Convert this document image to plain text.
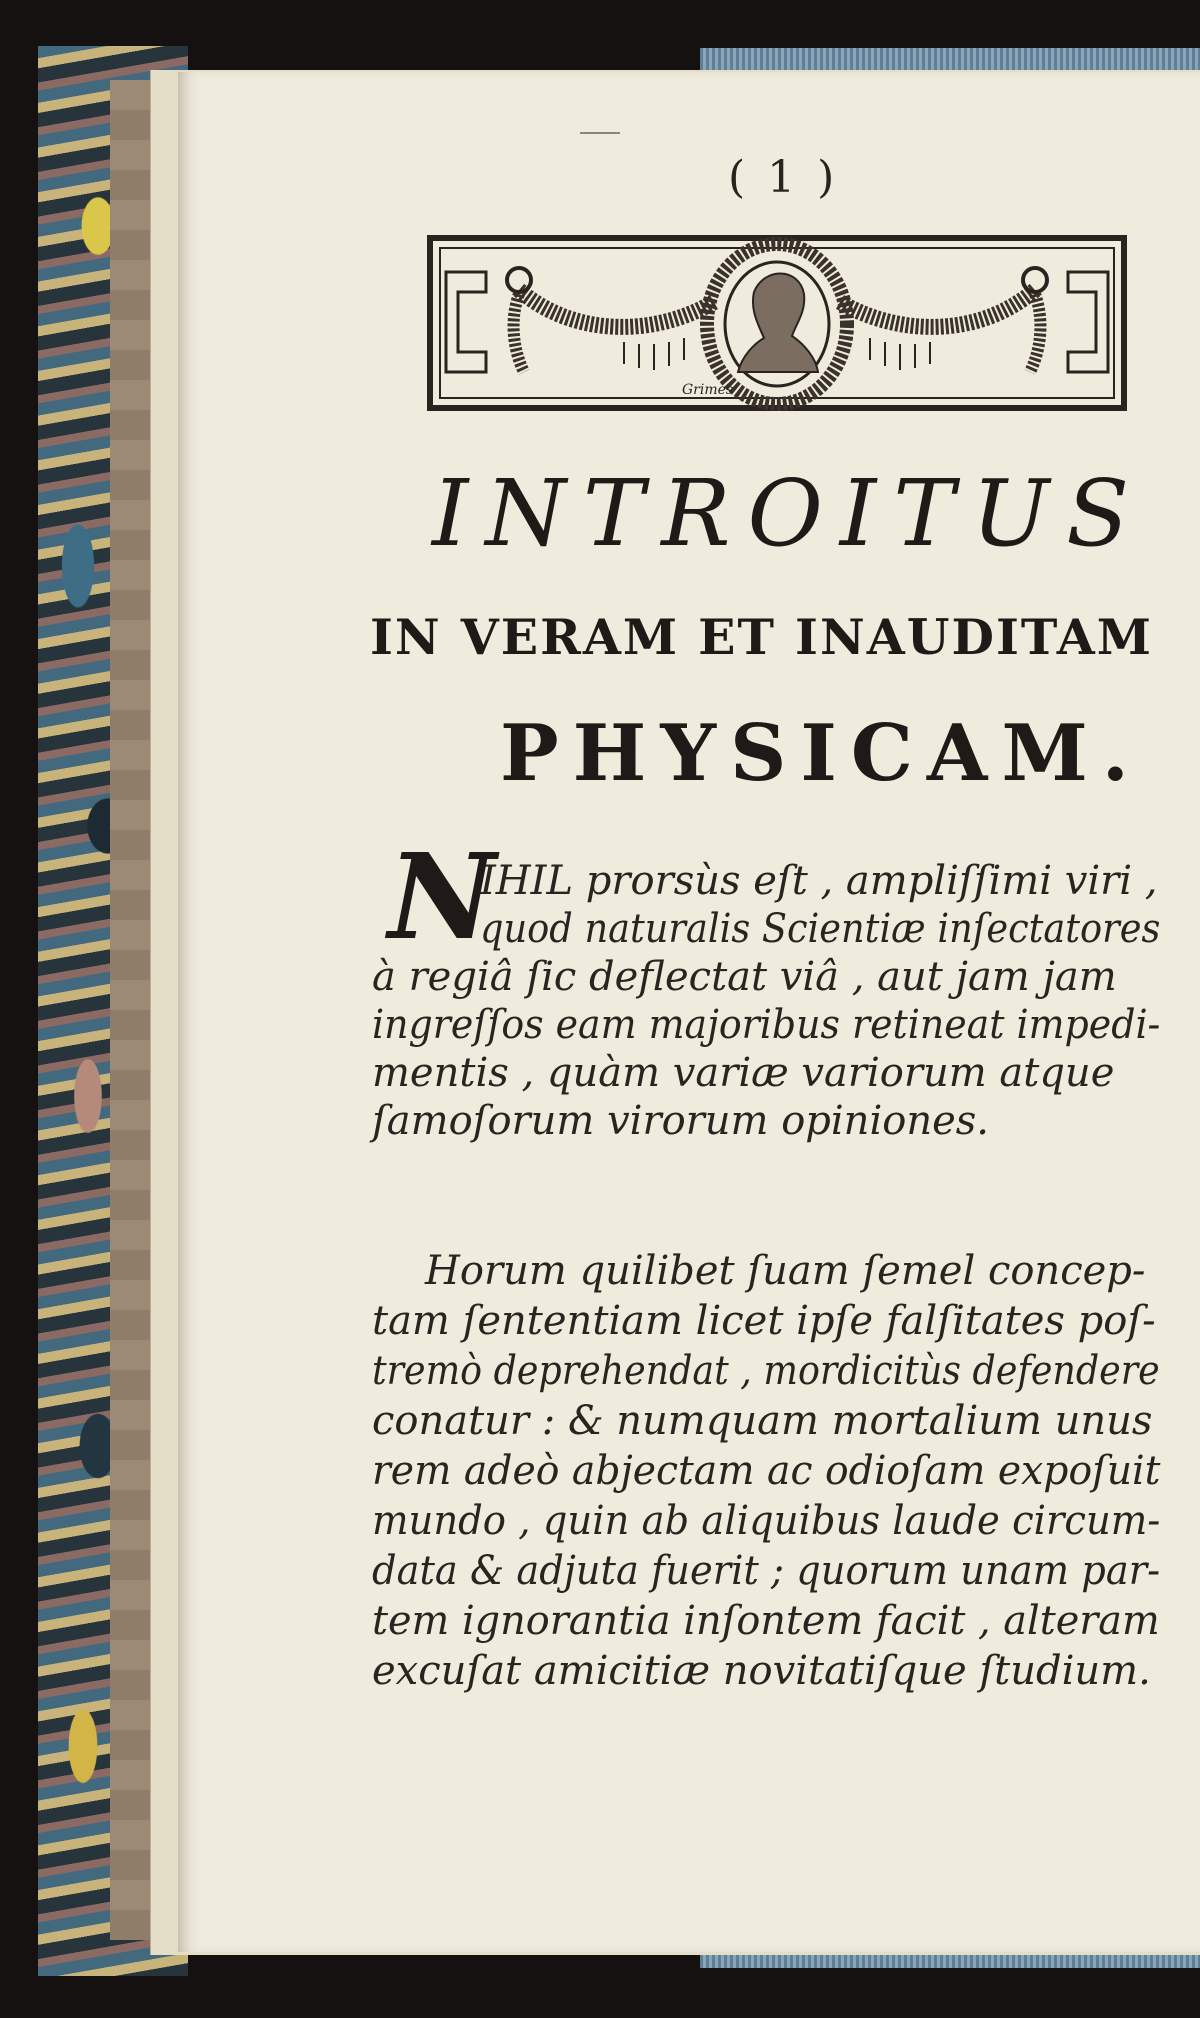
( 1 )
Grimes
INTROITUS
IN VERAM ET INAUDITAM
PHYSICAM.
N
IHIL prorsùs eſt , ampliſſimi viri ,
quod naturalis Scientiæ inſectatores
à regiâ ſic deflectat viâ , aut jam jam
ingreſſos eam majoribus retineat impedi-
mentis , quàm variæ variorum atque
ſamoſorum virorum opiniones.
Horum quilibet ſuam ſemel concep-
tam ſententiam licet ipſe falſitates poſ-
tremò deprehendat , mordicitùs defendere
conatur : & numquam mortalium unus
rem adeò abjectam ac odioſam expoſuit
mundo , quin ab aliquibus laude circum-
data & adjuta fuerit ; quorum unam par-
tem ignorantia inſontem facit , alteram
excuſat amicitiæ novitatiſque ſtudium.
